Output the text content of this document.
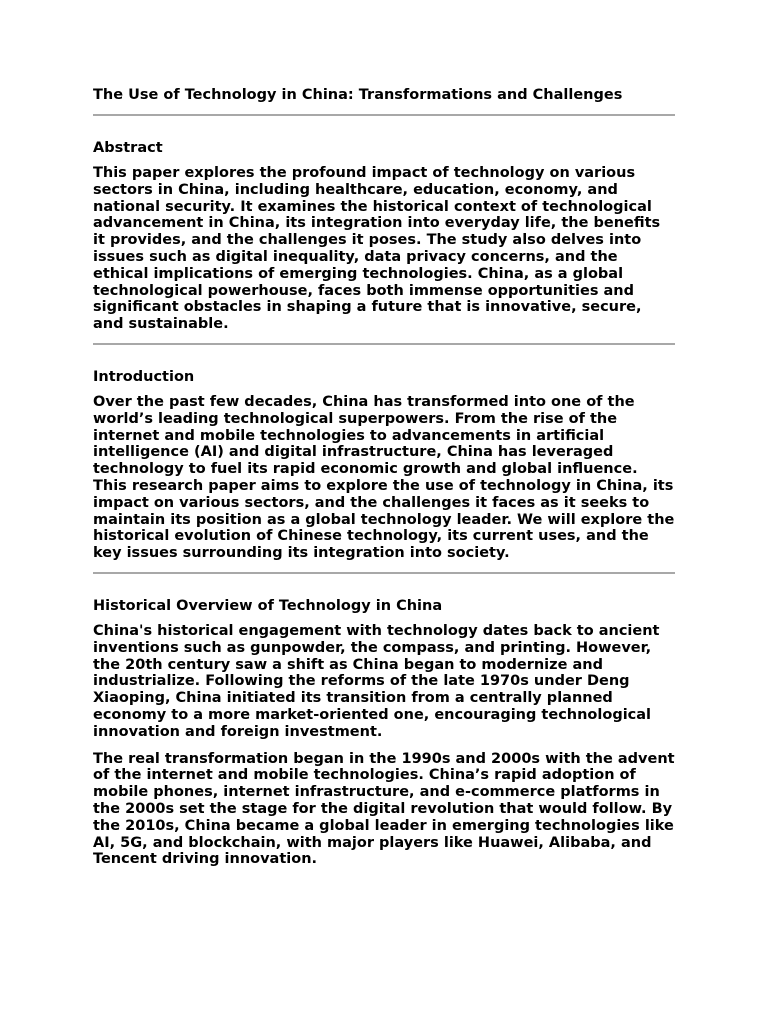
The Use of Technology in China: Transformations and Challenges
Abstract

This paper explores the profound impact of technology on various sectors in China, including healthcare, education, economy, and national security. It examines the historical context of technological advancement in China, its integration into everyday life, the benefits it provides, and the challenges it poses. The study also delves into issues such as digital inequality, data privacy concerns, and the ethical implications of emerging technologies. China, as a global technological powerhouse, faces both immense opportunities and significant obstacles in shaping a future that is innovative, secure, and sustainable.

Introduction

Over the past few decades, China has transformed into one of the world’s leading technological superpowers. From the rise of the internet and mobile technologies to advancements in artificial intelligence (AI) and digital infrastructure, China has leveraged technology to fuel its rapid economic growth and global influence. This research paper aims to explore the use of technology in China, its impact on various sectors, and the challenges it faces as it seeks to maintain its position as a global technology leader. We will explore the historical evolution of Chinese technology, its current uses, and the key issues surrounding its integration into society.

Historical Overview of Technology in China

China's historical engagement with technology dates back to ancient inventions such as gunpowder, the compass, and printing. However, the 20th century saw a shift as China began to modernize and industrialize. Following the reforms of the late 1970s under Deng Xiaoping, China initiated its transition from a centrally planned economy to a more market-oriented one, encouraging technological innovation and foreign investment.

The real transformation began in the 1990s and 2000s with the advent of the internet and mobile technologies. China’s rapid adoption of mobile phones, internet infrastructure, and e-commerce platforms in the 2000s set the stage for the digital revolution that would follow. By the 2010s, China became a global leader in emerging technologies like AI, 5G, and blockchain, with major players like Huawei, Alibaba, and Tencent driving innovation.
